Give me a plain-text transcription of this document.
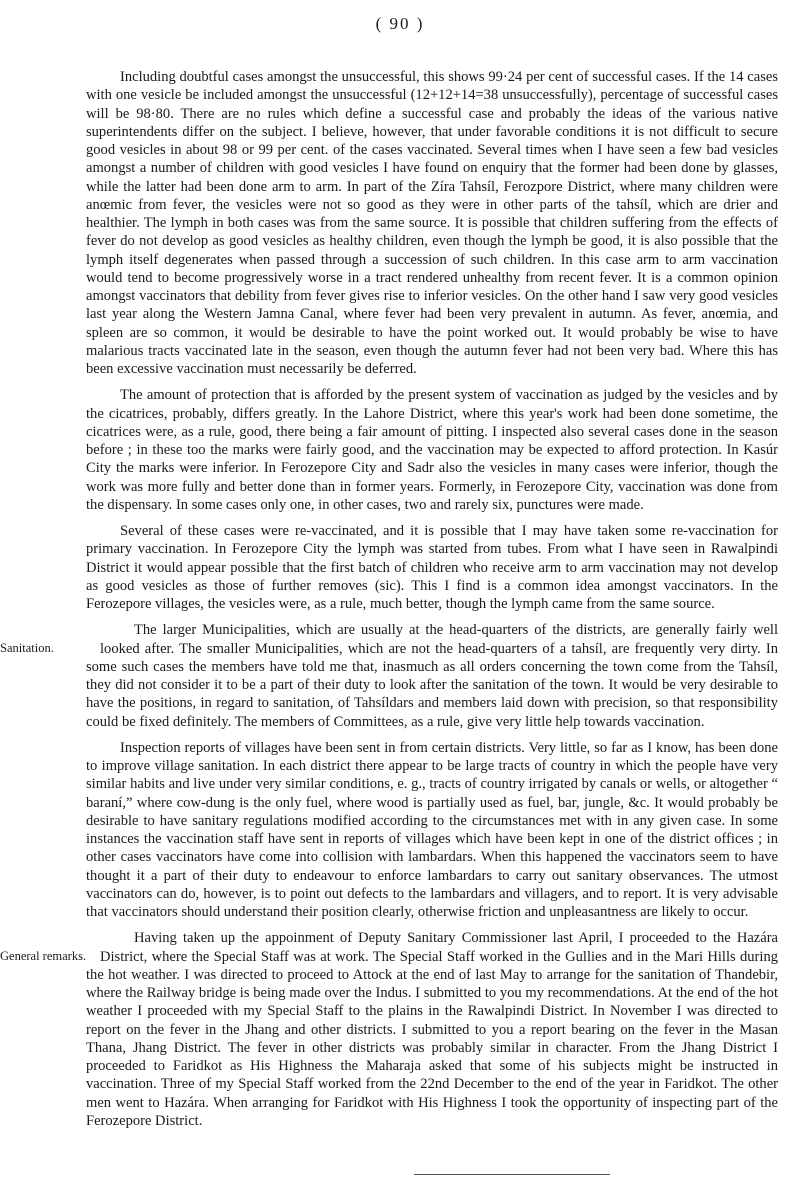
( 90 )

Including doubtful cases amongst the unsuccessful, this shows 99·24 per cent of successful cases. If the 14 cases with one vesicle be included amongst the unsuccessful (12+12+14=38 unsuccessfully), percentage of successful cases will be 98·80. There are no rules which define a successful case and probably the ideas of the various native superintendents differ on the subject. I believe, however, that under favorable conditions it is not difficult to secure good vesicles in about 98 or 99 per cent. of the cases vaccinated. Several times when I have seen a few bad vesicles amongst a number of children with good vesicles I have found on enquiry that the former had been done by glasses, while the latter had been done arm to arm. In part of the Zíra Tahsíl, Ferozpore District, where many children were anœmic from fever, the vesicles were not so good as they were in other parts of the tahsíl, which are drier and healthier. The lymph in both cases was from the same source. It is possible that children suffering from the effects of fever do not develop as good vesicles as healthy children, even though the lymph be good, it is also possible that the lymph itself degenerates when passed through a succession of such children. In this case arm to arm vaccination would tend to become progressively worse in a tract rendered unhealthy from recent fever. It is a common opinion amongst vaccinators that debility from fever gives rise to inferior vesicles. On the other hand I saw very good vesicles last year along the Western Jamna Canal, where fever had been very prevalent in autumn. As fever, anœmia, and spleen are so common, it would be desirable to have the point worked out. It would probably be wise to have malarious tracts vaccinated late in the season, even though the autumn fever had not been very bad. Where this has been excessive vaccination must necessarily be deferred.

The amount of protection that is afforded by the present system of vaccination as judged by the vesicles and by the cicatrices, probably, differs greatly. In the Lahore District, where this year's work had been done sometime, the cicatrices were, as a rule, good, there being a fair amount of pitting. I inspected also several cases done in the season before ; in these too the marks were fairly good, and the vaccination may be expected to afford protection. In Kasúr City the marks were inferior. In Ferozepore City and Sadr also the vesicles in many cases were inferior, though the work was more fully and better done than in former years. Formerly, in Ferozepore City, vaccination was done from the dispensary. In some cases only one, in other cases, two and rarely six, punctures were made.

Several of these cases were re-vaccinated, and it is possible that I may have taken some re-vaccination for primary vaccination. In Ferozepore City the lymph was started from tubes. From what I have seen in Rawalpindi District it would appear possible that the first batch of children who receive arm to arm vaccination may not develop as good vesicles as those of further removes (sic). This I find is a common idea amongst vaccinators. In the Ferozepore villages, the vesicles were, as a rule, much better, though the lymph came from the same source.

Sanitation.

The larger Municipalities, which are usually at the head-quarters of the districts, are generally fairly well looked after. The smaller Municipalities, which are not the head-quarters of a tahsíl, are frequently very dirty. In some such cases the members have told me that, inasmuch as all orders concerning the town come from the Tahsíl, they did not consider it to be a part of their duty to look after the sanitation of the town. It would be very desirable to have the positions, in regard to sanitation, of Tahsíldars and members laid down with precision, so that responsibility could be fixed definitely. The members of Committees, as a rule, give very little help towards vaccination.

Inspection reports of villages have been sent in from certain districts. Very little, so far as I know, has been done to improve village sanitation. In each district there appear to be large tracts of country in which the people have very similar habits and live under very similar conditions, e. g., tracts of country irrigated by canals or wells, or altogether “ baraní,” where cow-dung is the only fuel, where wood is partially used as fuel, bar, jungle, &c. It would probably be desirable to have sanitary regulations modified according to the circumstances met with in any given case. In some instances the vaccination staff have sent in reports of villages which have been kept in one of the district offices ; in other cases vaccinators have come into collision with lambardars. When this happened the vaccinators seem to have thought it a part of their duty to endeavour to enforce lambardars to carry out sanitary observances. The utmost vaccinators can do, however, is to point out defects to the lambardars and villagers, and to report. It is very advisable that vaccinators should understand their position clearly, otherwise friction and unpleasantness are likely to occur.

General remarks.

Having taken up the appoinment of Deputy Sanitary Commissioner last April, I proceeded to the Hazára District, where the Special Staff was at work. The Special Staff worked in the Gullies and in the Mari Hills during the hot weather. I was directed to proceed to Attock at the end of last May to arrange for the sanitation of Thandebir, where the Railway bridge is being made over the Indus. I submitted to you my recommendations. At the end of the hot weather I proceeded with my Special Staff to the plains in the Rawalpindi District. In November I was directed to report on the fever in the Jhang and other districts. I submitted to you a report bearing on the fever in the Masan Thana, Jhang District. The fever in other districts was probably similar in character. From the Jhang District I proceeded to Faridkot as His Highness the Maharaja asked that some of his subjects might be instructed in vaccination. Three of my Special Staff worked from the 22nd December to the end of the year in Faridkot. The other men went to Hazára. When arranging for Faridkot with His Highness I took the opportunity of inspecting part of the Ferozepore District.
